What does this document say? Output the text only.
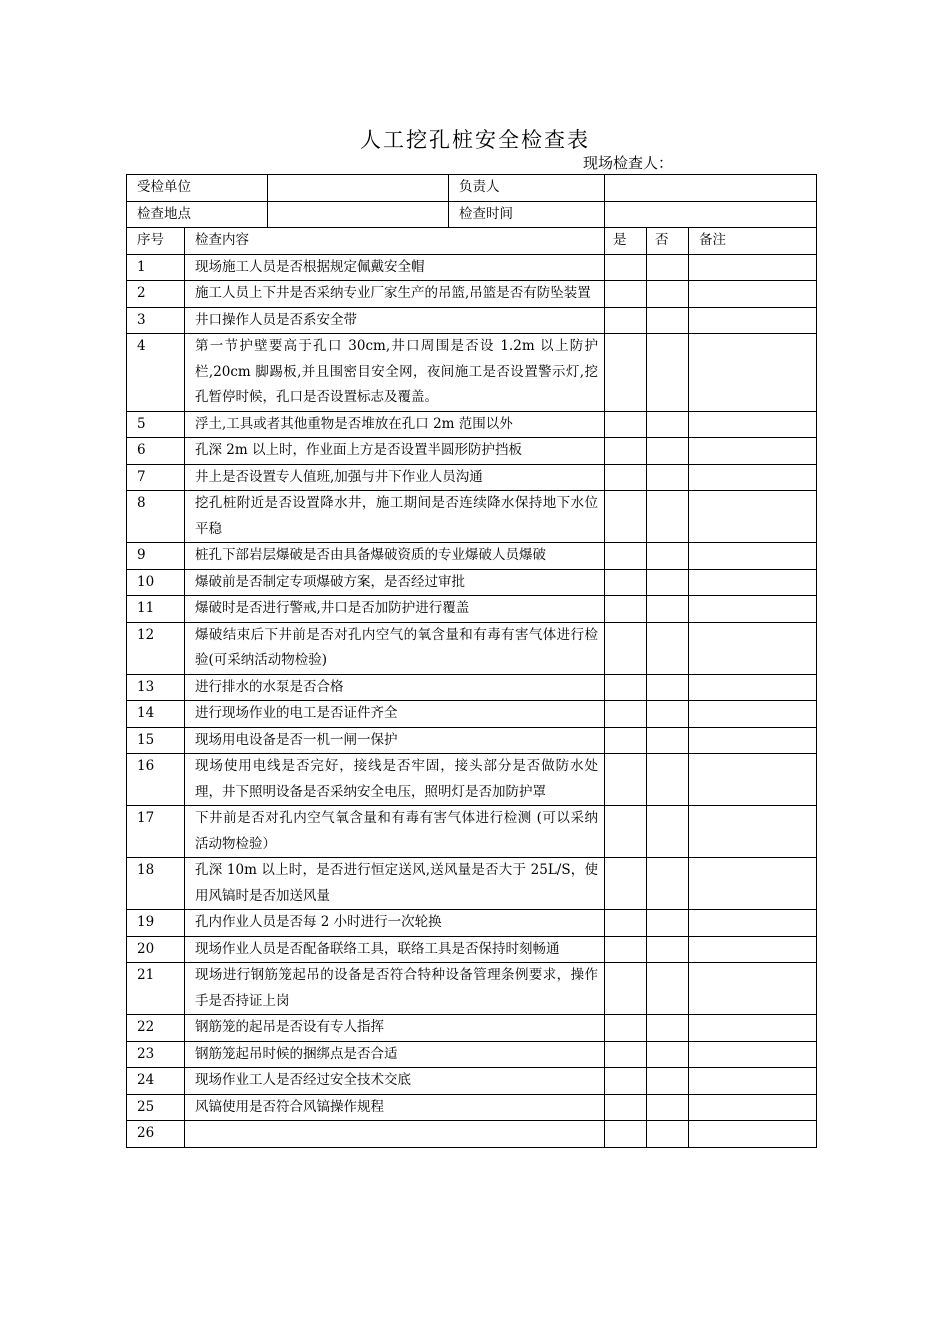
人工挖孔桩安全检查表
现场检查人：
受检单位			负责人			
检查地点			检查时间			
序号	检查内容			是	否	备注
1	现场施工人员是否根据规定佩戴安全帽					
2	施工人员上下井是否采纳专业厂家生产的吊篮,吊篮是否有防坠装置					
3	井口操作人员是否系安全带					
4	第一节护壁要高于孔口 30cm,井口周围是否设 1.2m 以上防护栏,20cm 脚踢板,并且围密目安全网，夜间施工是否设置警示灯,挖孔暂停时候，孔口是否设置标志及覆盖。					
5	浮土,工具或者其他重物是否堆放在孔口 2m 范围以外					
6	孔深 2m 以上时，作业面上方是否设置半圆形防护挡板					
7	井上是否设置专人值班,加强与井下作业人员沟通					
8	挖孔桩附近是否设置降水井，施工期间是否连续降水保持地下水位平稳					
9	桩孔下部岩层爆破是否由具备爆破资质的专业爆破人员爆破					
10	爆破前是否制定专项爆破方案，是否经过审批					
11	爆破时是否进行警戒,井口是否加防护进行覆盖					
12	爆破结束后下井前是否对孔内空气的氧含量和有毒有害气体进行检验(可采纳活动物检验)					
13	进行排水的水泵是否合格					
14	进行现场作业的电工是否证件齐全					
15	现场用电设备是否一机一闸一保护					
16	现场使用电线是否完好，接线是否牢固，接头部分是否做防水处理，井下照明设备是否采纳安全电压，照明灯是否加防护罩					
17	下井前是否对孔内空气氧含量和有毒有害气体进行检测 (可以采纳 活动物检验）					
18	孔深 10m 以上时，是否进行恒定送风,送风量是否大于 25L/S，使用风镐时是否加送风量					
19	孔内作业人员是否每 2 小时进行一次轮换					
20	现场作业人员是否配备联络工具，联络工具是否保持时刻畅通					
21	现场进行钢筋笼起吊的设备是否符合特种设备管理条例要求，操作手是否持证上岗					
22	钢筋笼的起吊是否设有专人指挥					
23	钢筋笼起吊时候的捆绑点是否合适					
24	现场作业工人是否经过安全技术交底					
25	风镐使用是否符合风镐操作规程					
26						
